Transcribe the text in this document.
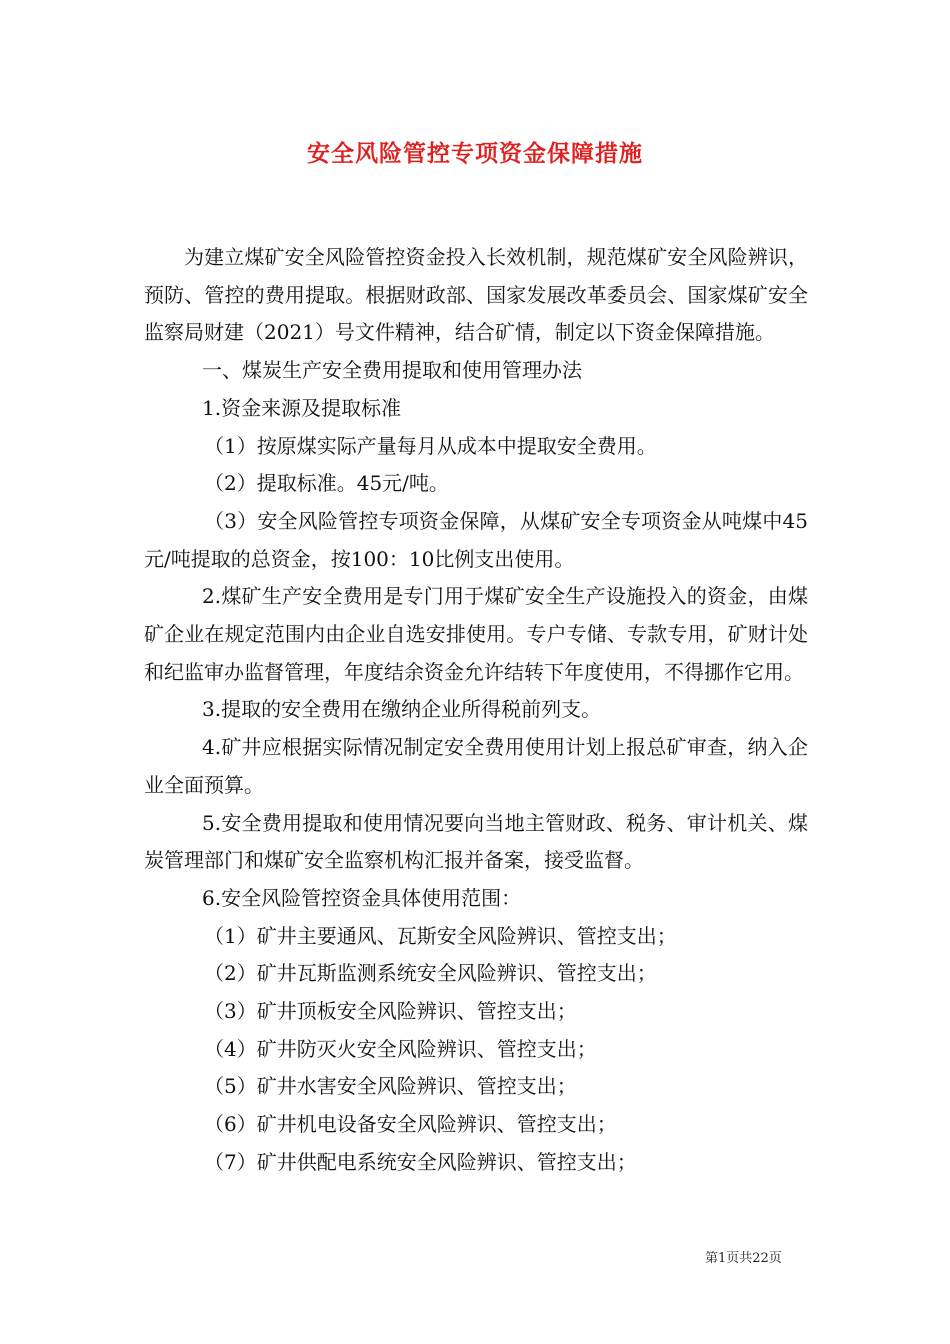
安全风险管控专项资金保障措施

为建立煤矿安全风险管控资金投入长效机制，规范煤矿安全风险辨识，预防、管控的费用提取。根据财政部、国家发展改革委员会、国家煤矿安全监察局财建（2021）号文件精神，结合矿情，制定以下资金保障措施。

一、煤炭生产安全费用提取和使用管理办法

1.资金来源及提取标准

（1）按原煤实际产量每月从成本中提取安全费用。

（2）提取标准。45元/吨。

（3）安全风险管控专项资金保障，从煤矿安全专项资金从吨煤中45元/吨提取的总资金，按100：10比例支出使用。

2.煤矿生产安全费用是专门用于煤矿安全生产设施投入的资金，由煤矿企业在规定范围内由企业自选安排使用。专户专储、专款专用，矿财计处和纪监审办监督管理，年度结余资金允许结转下年度使用，不得挪作它用。

3.提取的安全费用在缴纳企业所得税前列支。

4.矿井应根据实际情况制定安全费用使用计划上报总矿审查，纳入企业全面预算。

5.安全费用提取和使用情况要向当地主管财政、税务、审计机关、煤炭管理部门和煤矿安全监察机构汇报并备案，接受监督。

6.安全风险管控资金具体使用范围：

（1）矿井主要通风、瓦斯安全风险辨识、管控支出；

（2）矿井瓦斯监测系统安全风险辨识、管控支出；

（3）矿井顶板安全风险辨识、管控支出；

（4）矿井防灭火安全风险辨识、管控支出；

（5）矿井水害安全风险辨识、管控支出；

（6）矿井机电设备安全风险辨识、管控支出；

（7）矿井供配电系统安全风险辨识、管控支出；

第1页共22页
